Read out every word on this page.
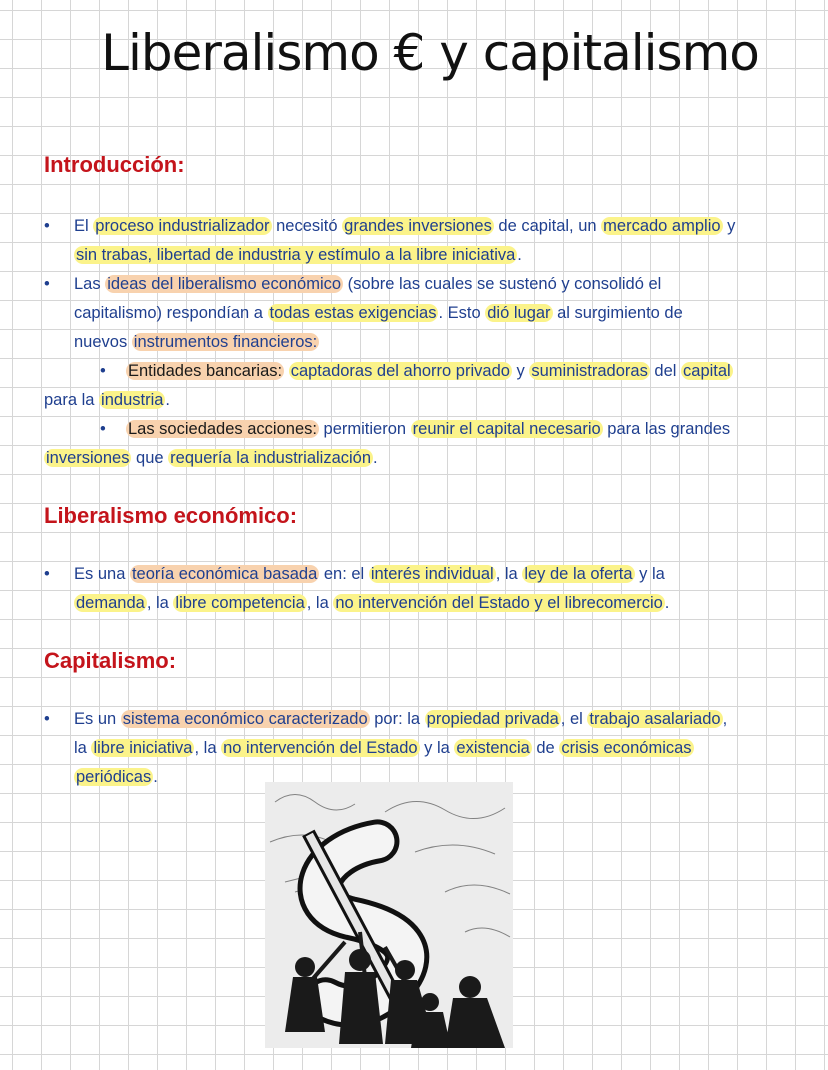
Liberalismo € y capitalismo
Introducción:
• El proceso industrializador necesitó grandes inversiones de capital, un mercado amplio y
sin trabas, libertad de industria y estímulo a la libre iniciativa .
• Las ideas del liberalismo económico (sobre las cuales se sustenó y consolidó el
capitalismo) respondían a todas estas exigencias . Esto dió lugar al surgimiento de
nuevos instrumentos financieros:
• Entidades bancarias: captadoras del ahorro privado y suministradoras del capital
para la industria .
• Las sociedades acciones: permitieron reunir el capital necesario para las grandes
inversiones que requería la industrialización .
Liberalismo económico:
• Es una teoría económica basada en: el interés individual , la ley de la oferta y la
demanda , la libre competencia , la no intervención del Estado y el librecomercio .
Capitalismo:
• Es un sistema económico caracterizado por: la propiedad privada , el trabajo asalariado ,
la libre iniciativa , la no intervención del Estado y la existencia de crisis económicas
periódicas .
